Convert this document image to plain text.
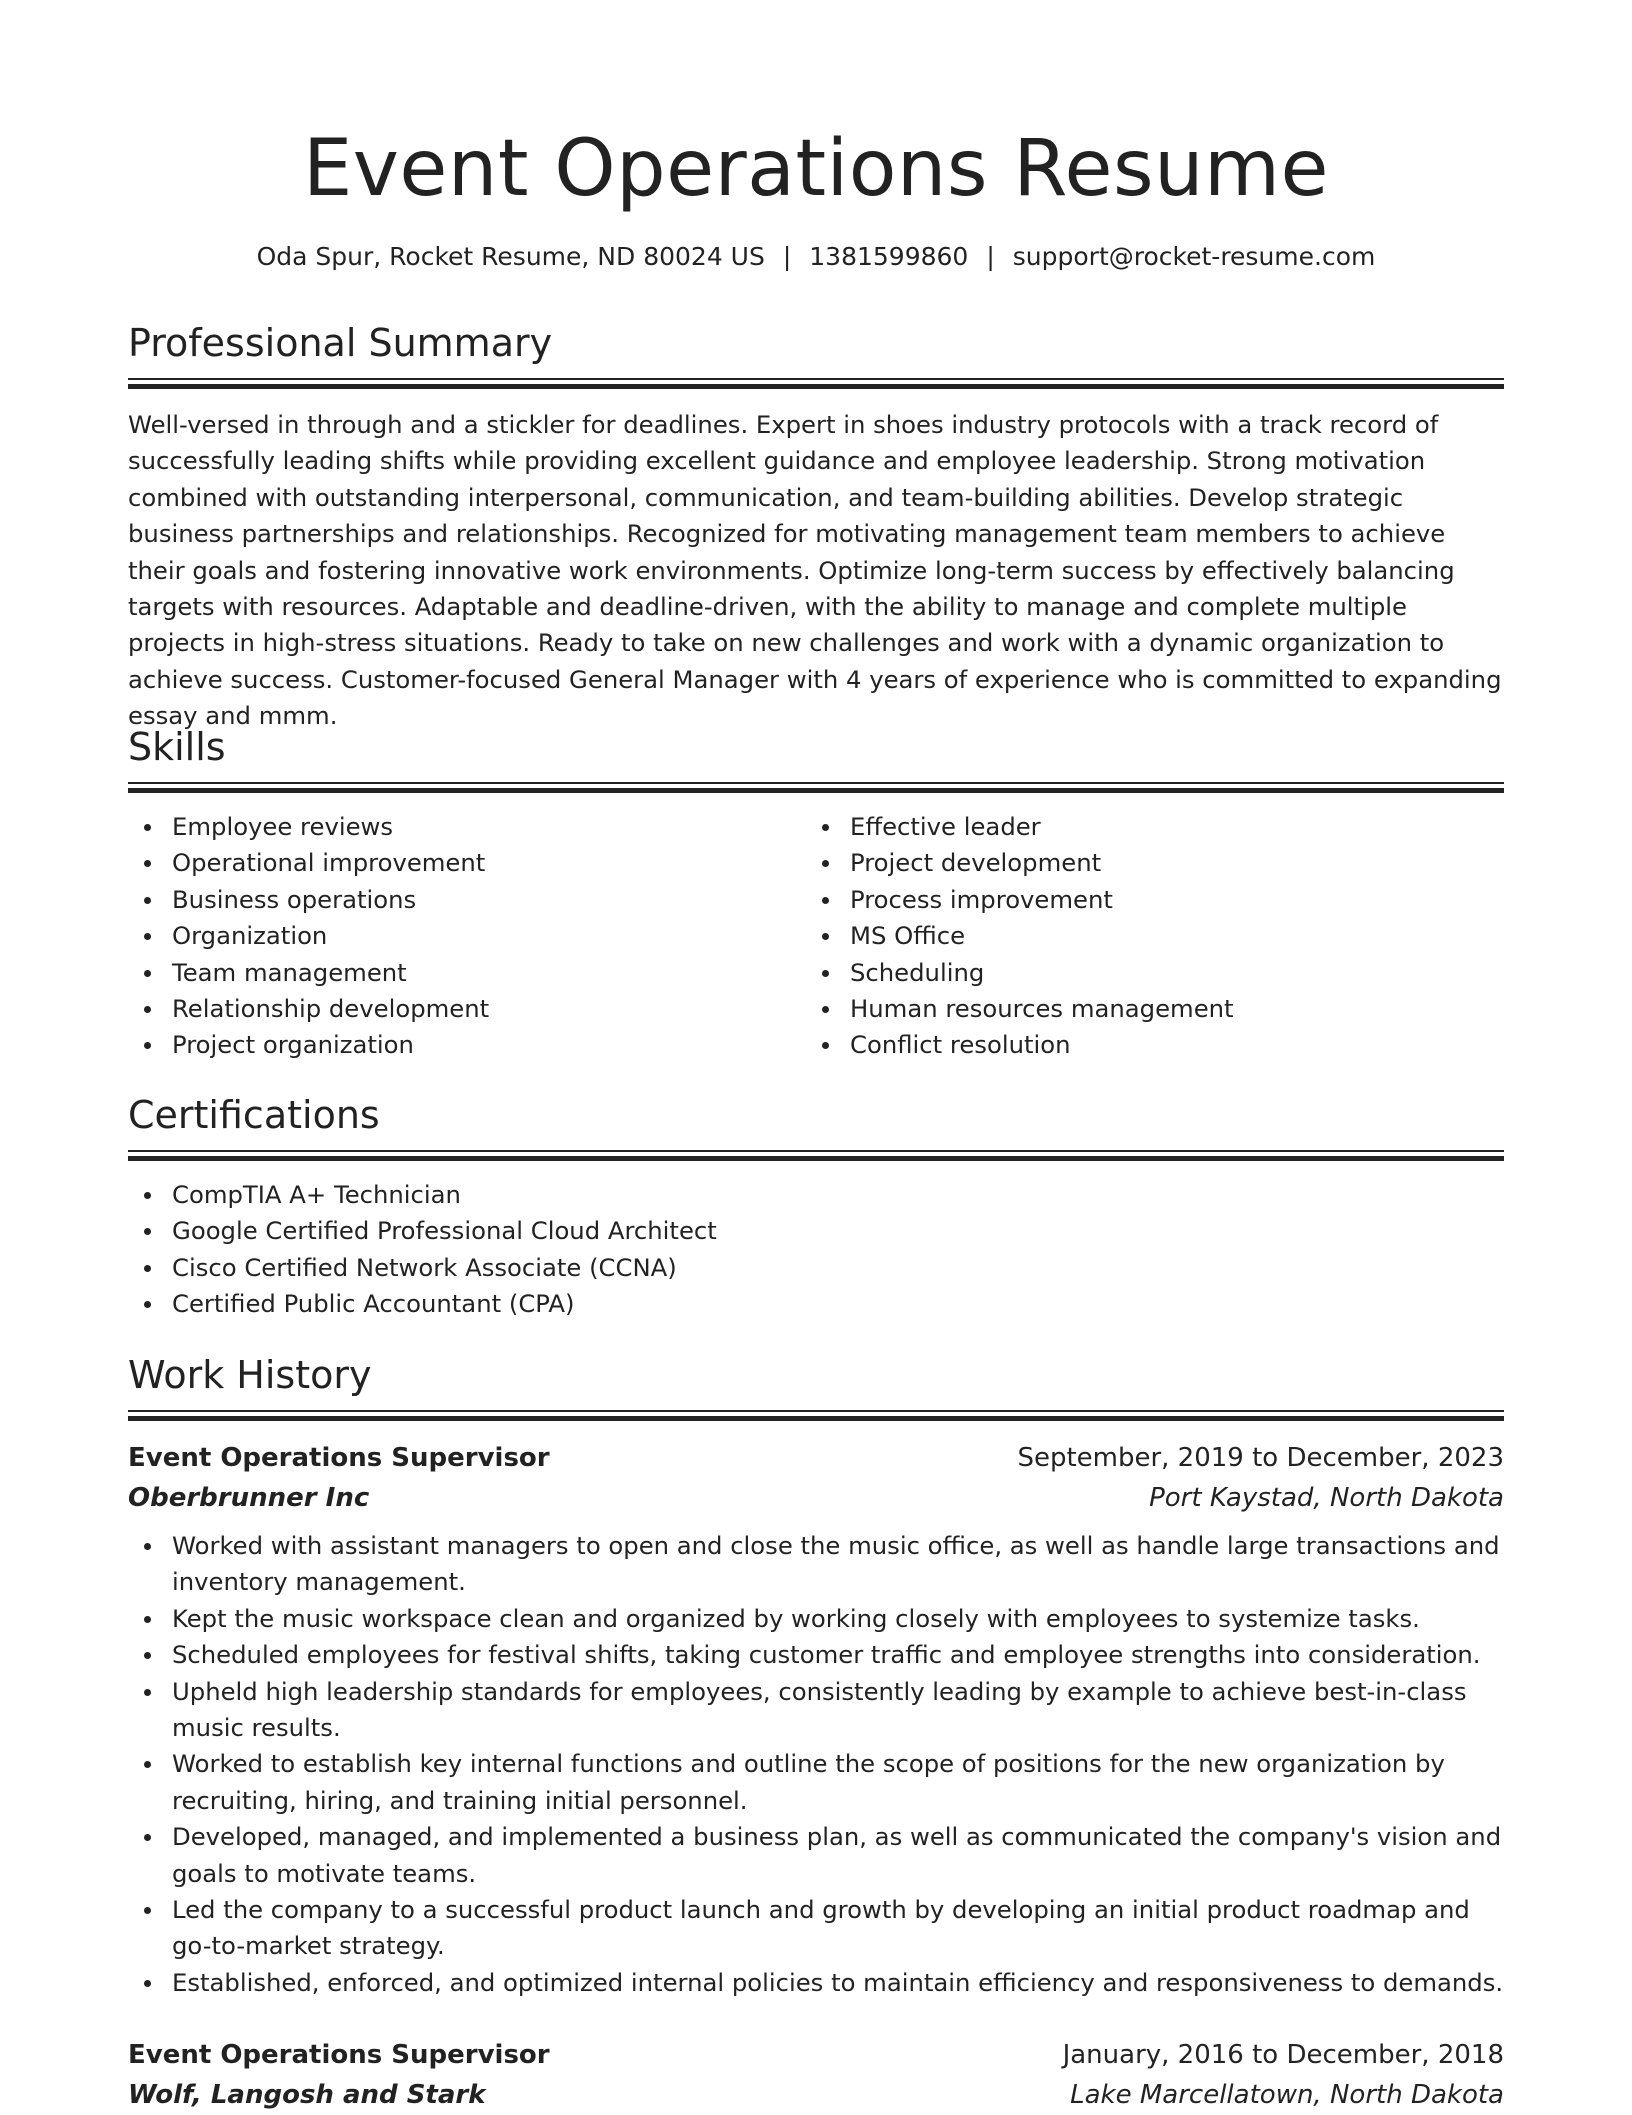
Event Operations Resume
Oda Spur, Rocket Resume, ND 80024 US | 1381599860 | support@rocket-resume.com
Professional Summary

Well-versed in through and a stickler for deadlines. Expert in shoes industry protocols with a track record of successfully leading shifts while providing excellent guidance and employee leadership. Strong motivation combined with outstanding interpersonal, communication, and team-building abilities. Develop strategic business partnerships and relationships. Recognized for motivating management team members to achieve their goals and fostering innovative work environments. Optimize long-term success by effectively balancing targets with resources. Adaptable and deadline-driven, with the ability to manage and complete multiple projects in high-stress situations. Ready to take on new challenges and work with a dynamic organization to achieve success. Customer-focused General Manager with 4 years of experience who is committed to expanding essay and mmm.

Skills
Employee reviews
Operational improvement
Business operations
Organization
Team management
Relationship development
Project organization
Effective leader
Project development
Process improvement
MS Office
Scheduling
Human resources management
Conflict resolution
Certifications
CompTIA A+ Technician
Google Certified Professional Cloud Architect
Cisco Certified Network Associate (CCNA)
Certified Public Accountant (CPA)
Work History
Event Operations Supervisor	September, 2019 to December, 2023
Oberbrunner Inc	Port Kaystad, North Dakota
Worked with assistant managers to open and close the music office, as well as handle large transactions and inventory management.
Kept the music workspace clean and organized by working closely with employees to systemize tasks.
Scheduled employees for festival shifts, taking customer traffic and employee strengths into consideration.
Upheld high leadership standards for employees, consistently leading by example to achieve best-in-class music results.
Worked to establish key internal functions and outline the scope of positions for the new organization by recruiting, hiring, and training initial personnel.
Developed, managed, and implemented a business plan, as well as communicated the company's vision and goals to motivate teams.
Led the company to a successful product launch and growth by developing an initial product roadmap and go-to-market strategy.
Established, enforced, and optimized internal policies to maintain efficiency and responsiveness to demands.
Event Operations Supervisor	January, 2016 to December, 2018
Wolf, Langosh and Stark	Lake Marcellatown, North Dakota
